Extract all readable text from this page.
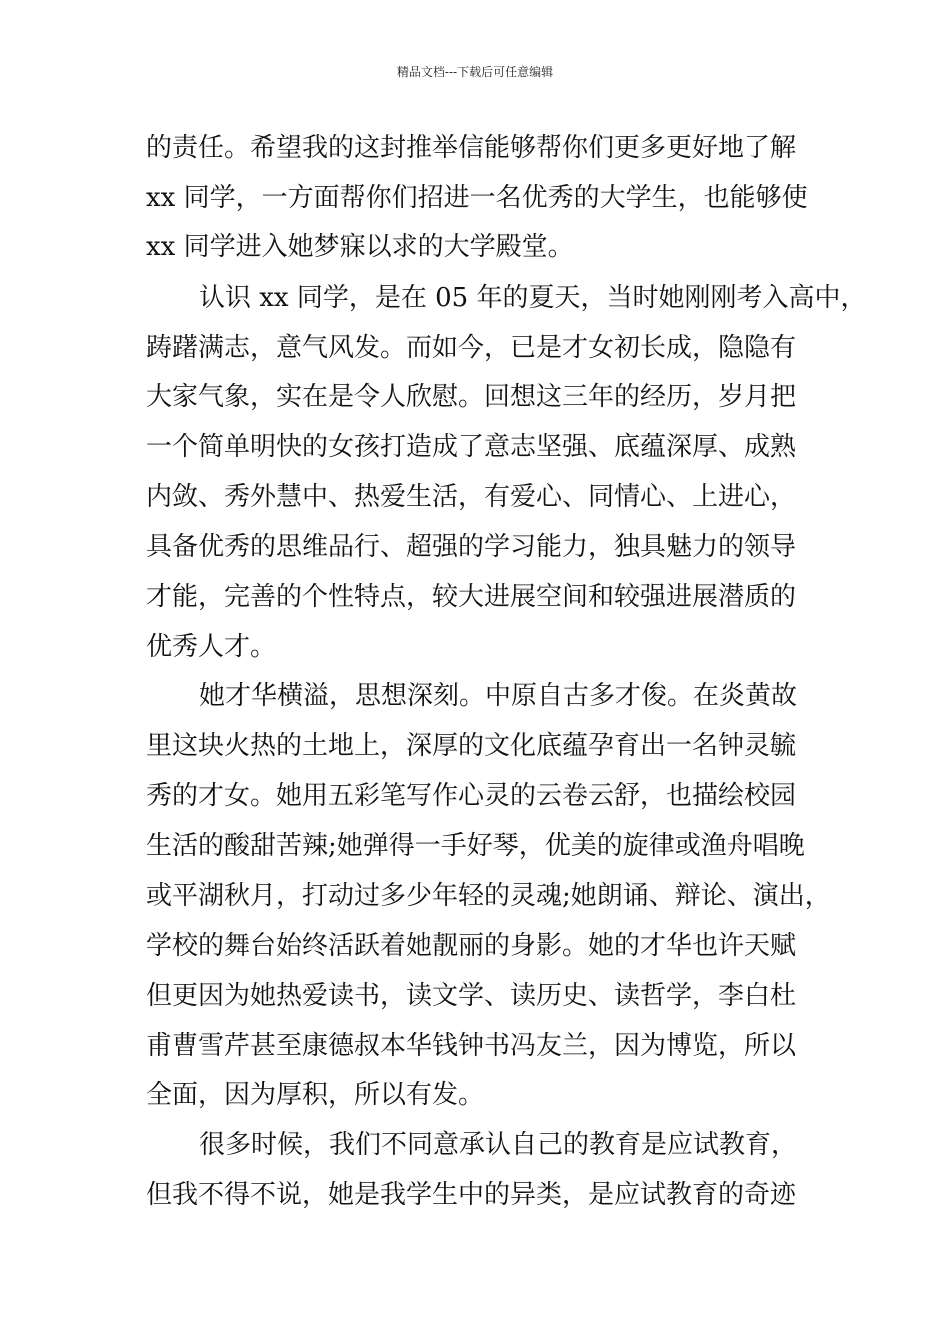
精品文档---下载后可任意编辑
的责任。希望我的这封推举信能够帮你们更多更好地了解
xx 同学，一方面帮你们招进一名优秀的大学生，也能够使
xx 同学进入她梦寐以求的大学殿堂。
认识 xx 同学，是在 05 年的夏天，当时她刚刚考入高中，
踌躇满志，意气风发。而如今，已是才女初长成，隐隐有
大家气象，实在是令人欣慰。回想这三年的经历，岁月把
一个简单明快的女孩打造成了意志坚强、底蕴深厚、成熟
内敛、秀外慧中、热爱生活，有爱心、同情心、上进心，
具备优秀的思维品行、超强的学习能力，独具魅力的领导
才能，完善的个性特点，较大进展空间和较强进展潜质的
优秀人才。
她才华横溢，思想深刻。中原自古多才俊。在炎黄故
里这块火热的土地上，深厚的文化底蕴孕育出一名钟灵毓
秀的才女。她用五彩笔写作心灵的云卷云舒，也描绘校园
生活的酸甜苦辣;她弹得一手好琴，优美的旋律或渔舟唱晚
或平湖秋月，打动过多少年轻的灵魂;她朗诵、辩论、演出，
学校的舞台始终活跃着她靓丽的身影。她的才华也许天赋
但更因为她热爱读书，读文学、读历史、读哲学，李白杜
甫曹雪芹甚至康德叔本华钱钟书冯友兰，因为博览，所以
全面，因为厚积，所以有发。
很多时候，我们不同意承认自己的教育是应试教育，
但我不得不说，她是我学生中的异类，是应试教育的奇迹
